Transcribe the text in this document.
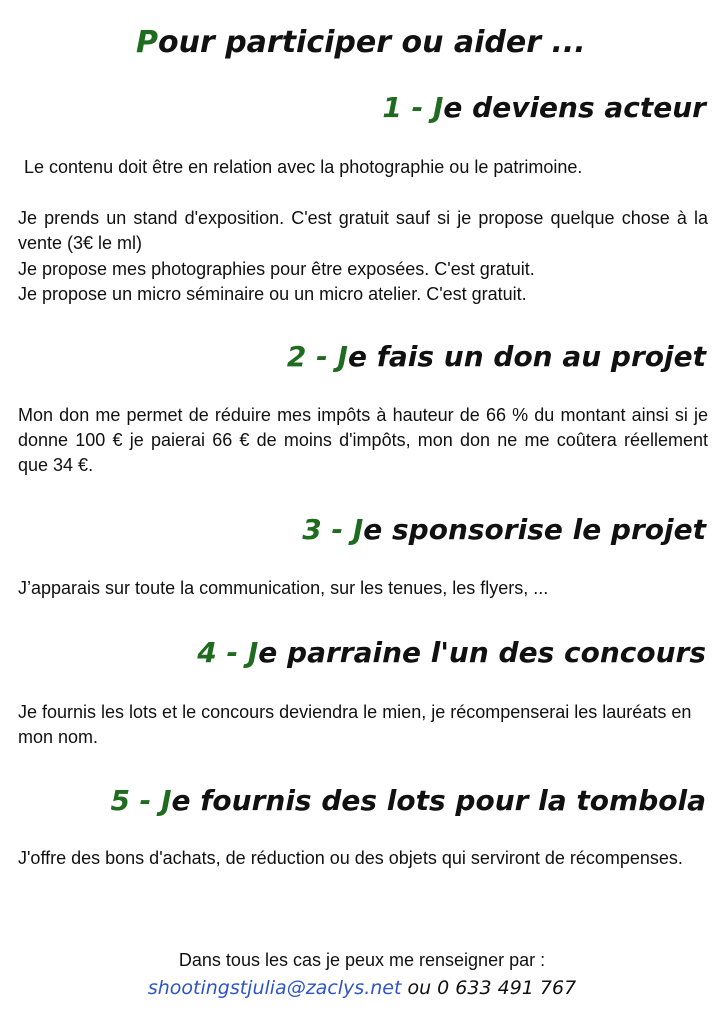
Pour participer ou aider ...
1 - Je deviens acteur

Le contenu doit être en relation avec la photographie ou le patrimoine.

Je prends un stand d'exposition. C'est gratuit sauf si je propose quelque chose à la vente (3€ le ml)

Je propose mes photographies pour être exposées. C'est gratuit.

Je propose un micro séminaire ou un micro atelier. C'est gratuit.

2 - Je fais un don au projet

Mon don me permet de réduire mes impôts à hauteur de 66 % du montant ainsi si je donne 100 € je paierai 66 € de moins d'impôts, mon don ne me coûtera réellement que 34 €.

3 - Je sponsorise le projet

J’apparais sur toute la communication, sur les tenues, les flyers, ...

4 - Je parraine l'un des concours

Je fournis les lots et le concours deviendra le mien, je récompenserai les lauréats en mon nom.

5 - Je fournis des lots pour la tombola

J'offre des bons d'achats, de réduction ou des objets qui serviront de récompenses.

Dans tous les cas je peux me renseigner par :

shootingstjulia@zaclys.net ou 0 633 491 767
